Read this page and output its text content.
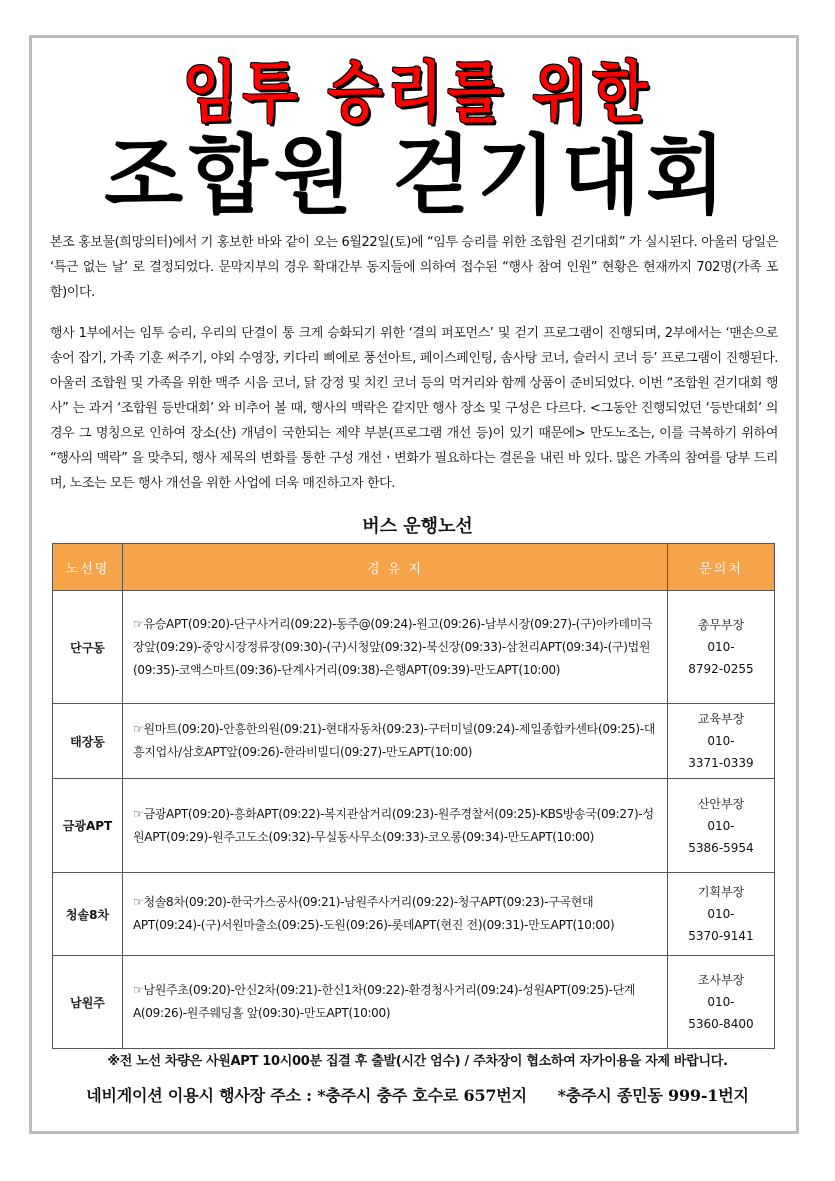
임투 승리를 위한
조합원 걷기대회
본조 홍보물(희망의터)에서 기 홍보한 바와 같이 오는 6월22일(토)에 “임투 승리를 위한 조합원 걷기대회” 가 실시된다. 아울러 당일은 ‘특근 없는 날’ 로 결정되었다. 문막지부의 경우 확대간부 동지들에 의하여 접수된 “행사 참여 인원” 현황은 현재까지 702명(가족 포함)이다.
행사 1부에서는 임투 승리, 우리의 단결이 통 크게 승화되기 위한 ‘결의 퍼포먼스’ 및 걷기 프로그램이 진행되며, 2부에서는 ‘맨손으로 송어 잡기, 가족 기훈 써주기, 야외 수영장, 키다리 삐에로 풍선아트, 페이스페인팅, 솜사탕 코너, 슬러시 코너 등’ 프로그램이 진행된다. 아울러 조합원 및 가족을 위한 맥주 시음 코너, 닭 강정 및 치킨 코너 등의 먹거리와 함께 상품이 준비되었다. 이번 “조합원 걷기대회 행사” 는 과거 ‘조합원 등반대회’ 와 비추어 볼 때, 행사의 맥락은 같지만 행사 장소 및 구성은 다르다. <그동안 진행되었던 ‘등반대회’ 의 경우 그 명칭으로 인하여 장소(산) 개념이 국한되는 제약 부분(프로그램 개선 등)이 있기 때문에> 만도노조는, 이를 극복하기 위하여 “행사의 맥락” 을 맞추되, 행사 제목의 변화를 통한 구성 개선ㆍ변화가 필요하다는 결론을 내린 바 있다. 많은 가족의 참여를 당부 드리며, 노조는 모든 행사 개선을 위한 사업에 더욱 매진하고자 한다.
버스 운행노선
노선명	경 유 지	문의처
단구동	☞유승APT(09:20)-단구사거리(09:22)-동주@(09:24)-원고(09:26)-남부시장(09:27)-(구)아카데미극장앞(09:29)-중앙시장정류장(09:30)-(구)시청앞(09:32)-북신장(09:33)-삼천리APT(09:34)-(구)법원(09:35)-코액스마트(09:36)-단계사거리(09:38)-은행APT(09:39)-만도APT(10:00)	총무부장
010-
8792-0255

태장동	☞원마트(09:20)-안흥한의원(09:21)-현대자동차(09:23)-구터미널(09:24)-제일종합카센타(09:25)-대흥지업사/삼호APT앞(09:26)-한라비빌디(09:27)-만도APT(10:00)	교육부장
010-
3371-0339

금광APT	☞금광APT(09:20)-흥화APT(09:22)-복지관삼거리(09:23)-원주경찰서(09:25)-KBS방송국(09:27)-성원APT(09:29)-원주고도소(09:32)-무실동사무소(09:33)-코오롱(09:34)-만도APT(10:00)	산안부장
010-
5386-5954

청솔8차	☞청솔8차(09:20)-한국가스공사(09:21)-남원주사거리(09:22)-청구APT(09:23)-구곡현대APT(09:24)-(구)서원마출소(09:25)-도원(09:26)-롯데APT(현진 전)(09:31)-만도APT(10:00)	기획부장
010-
5370-9141

남원주	☞남원주초(09:20)-안신2차(09:21)-한신1차(09:22)-환경청사거리(09:24)-성원APT(09:25)-단계A(09:26)-원주웨딩홀 앞(09:30)-만도APT(10:00)	조사부장
010-
5360-8400
※전 노선 차량은 사원APT 10시00분 집결 후 출발(시간 엄수) / 주차장이 협소하여 자가이용을 자제 바랍니다.
네비게이션 이용시 행사장 주소 : *충주시 충주 호수로 657번지 *충주시 종민동 999-1번지
